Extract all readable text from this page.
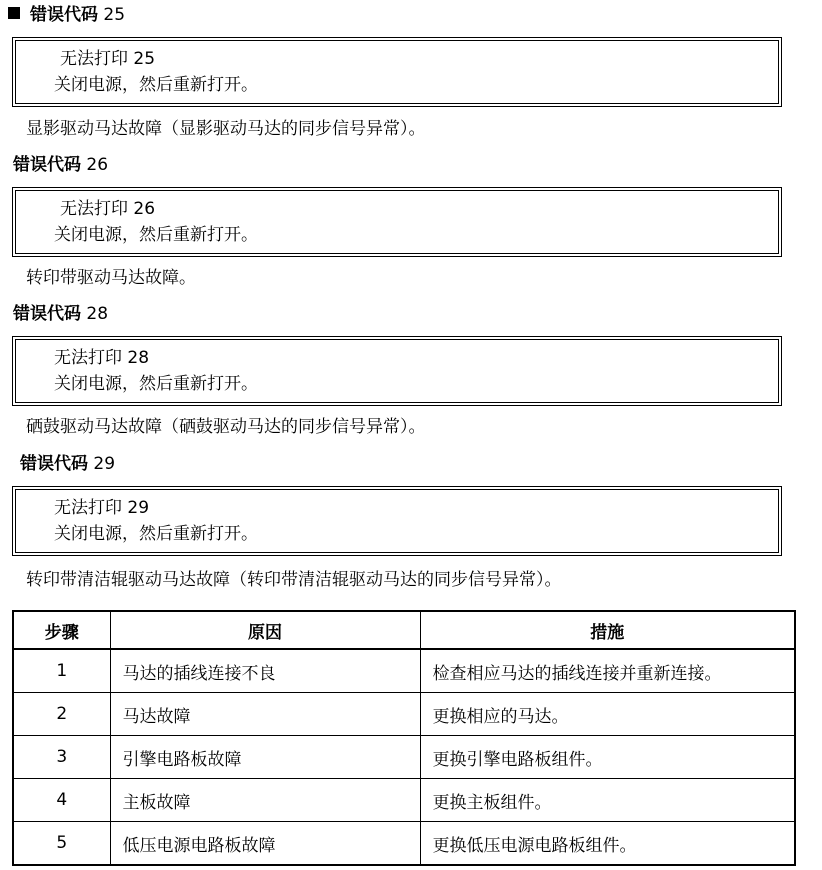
错误代码 25
无法打印 25
关闭电源，然后重新打开。
显影驱动马达故障（显影驱动马达的同步信号异常）。
错误代码 26
无法打印 26
关闭电源，然后重新打开。
转印带驱动马达故障。
错误代码 28
无法打印 28
关闭电源，然后重新打开。
硒鼓驱动马达故障（硒鼓驱动马达的同步信号异常）。
错误代码 29
无法打印 29
关闭电源，然后重新打开。
转印带清洁辊驱动马达故障（转印带清洁辊驱动马达的同步信号异常）。
步骤	原因	措施
1	马达的插线连接不良	检查相应马达的插线连接并重新连接。
2	马达故障	更换相应的马达。
3	引擎电路板故障	更换引擎电路板组件。
4	主板故障	更换主板组件。
5	低压电源电路板故障	更换低压电源电路板组件。
